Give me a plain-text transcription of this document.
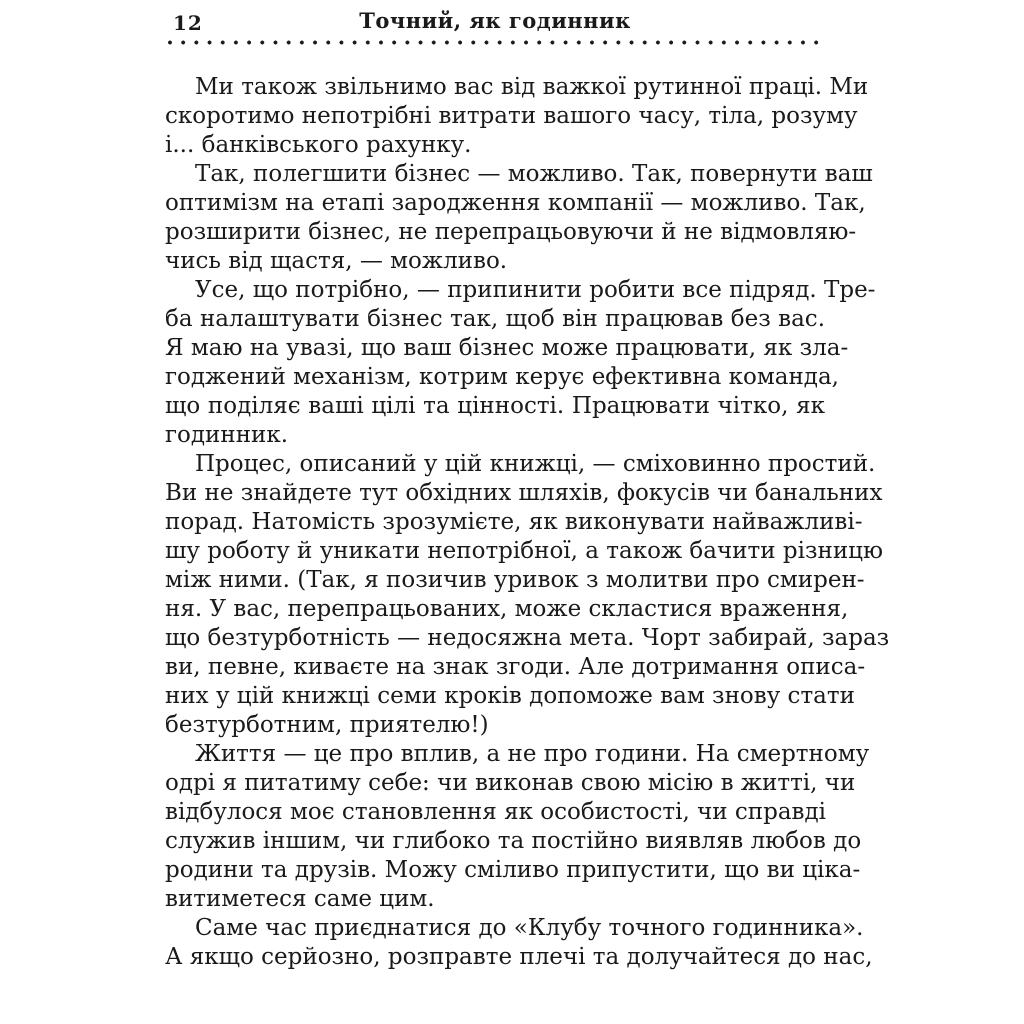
12	Точний, як годинник
Ми також звільнимо вас від важкої рутинної праці. Ми
скоротимо непотрібні витрати вашого часу, тіла, розуму
і... банківського рахунку.
Так, полегшити бізнес — можливо. Так, повернути ваш
оптимізм на етапі зародження компанії — можливо. Так,
розширити бізнес, не перепрацьовуючи й не відмовляю-
чись від щастя, — можливо.
Усе, що потрібно, — припинити робити все підряд. Тре-
ба налаштувати бізнес так, щоб він працював без вас.
Я маю на увазі, що ваш бізнес може працювати, як зла-
годжений механізм, котрим керує ефективна команда,
що поділяє ваші цілі та цінності. Працювати чітко, як
годинник.
Процес, описаний у цій книжці, — сміховинно простий.
Ви не знайдете тут обхідних шляхів, фокусів чи банальних
порад. Натомість зрозумієте, як виконувати найважливі-
шу роботу й уникати непотрібної, а також бачити різницю
між ними. (Так, я позичив уривок з молитви про смирен-
ня. У вас, перепрацьованих, може скластися враження,
що безтурботність — недосяжна мета. Чорт забирай, зараз
ви, певне, киваєте на знак згоди. Але дотримання описа-
них у цій книжці семи кроків допоможе вам знову стати
безтурботним, приятелю!)
Життя — це про вплив, а не про години. На смертному
одрі я питатиму себе: чи виконав свою місію в житті, чи
відбулося моє становлення як особистості, чи справді
служив іншим, чи глибоко та постійно виявляв любов до
родини та друзів. Можу сміливо припустити, що ви ціка-
витиметеся саме цим.
Саме час приєднатися до «Клубу точного годинника».
А якщо серйозно, розправте плечі та долучайтеся до нас,
